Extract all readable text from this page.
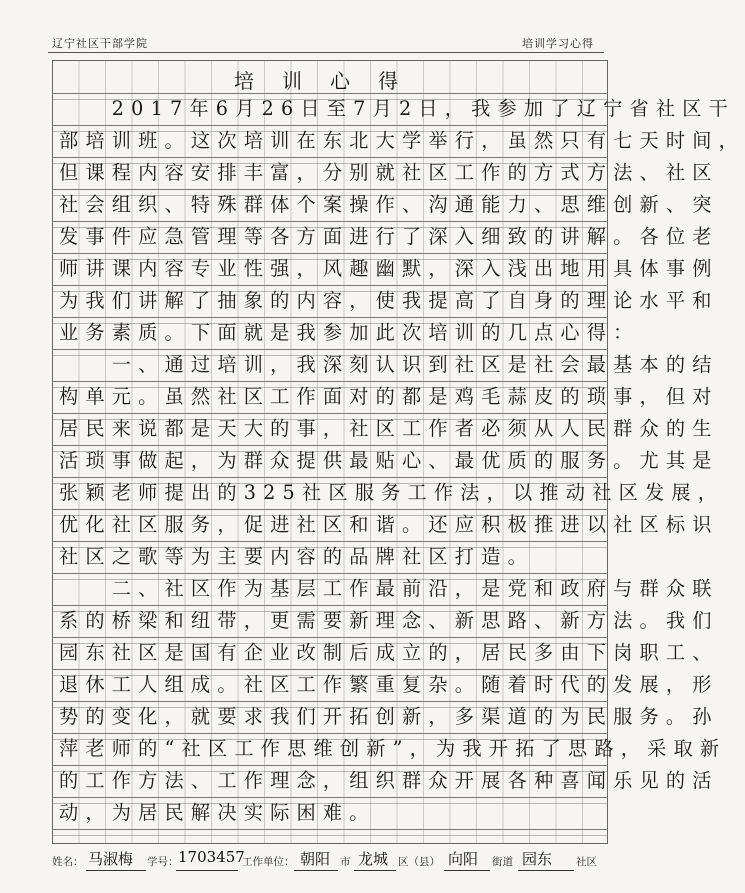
辽宁社区干部学院	培训学习心得
培训心得
　　2017年6月26日至7月2日，我参加了辽宁省社区干
部培训班。这次培训在东北大学举行，虽然只有七天时间，
但课程内容安排丰富，分别就社区工作的方式方法、社区
社会组织、特殊群体个案操作、沟通能力、思维创新、突
发事件应急管理等各方面进行了深入细致的讲解。各位老
师讲课内容专业性强，风趣幽默，深入浅出地用具体事例
为我们讲解了抽象的内容，使我提高了自身的理论水平和
业务素质。下面就是我参加此次培训的几点心得：
　　一、通过培训，我深刻认识到社区是社会最基本的结
构单元。虽然社区工作面对的都是鸡毛蒜皮的琐事，但对
居民来说都是天大的事，社区工作者必须从人民群众的生
活琐事做起，为群众提供最贴心、最优质的服务。尤其是
张颖老师提出的325社区服务工作法，以推动社区发展，
优化社区服务，促进社区和谐。还应积极推进以社区标识
社区之歌等为主要内容的品牌社区打造。
　　二、社区作为基层工作最前沿，是党和政府与群众联
系的桥梁和纽带，更需要新理念、新思路、新方法。我们
园东社区是国有企业改制后成立的，居民多由下岗职工、
退休工人组成。社区工作繁重复杂。随着时代的发展，形
势的变化，就要求我们开拓创新，多渠道的为民服务。孙
萍老师的“社区工作思维创新”，为我开拓了思路，采取新
的工作方法、工作理念，组织群众开展各种喜闻乐见的活
动，为居民解决实际困难。
姓名： 马淑梅 学号： 1703457
工作单位： 朝阳 市 龙城 区（县） 向阳 街道 园东 社区
